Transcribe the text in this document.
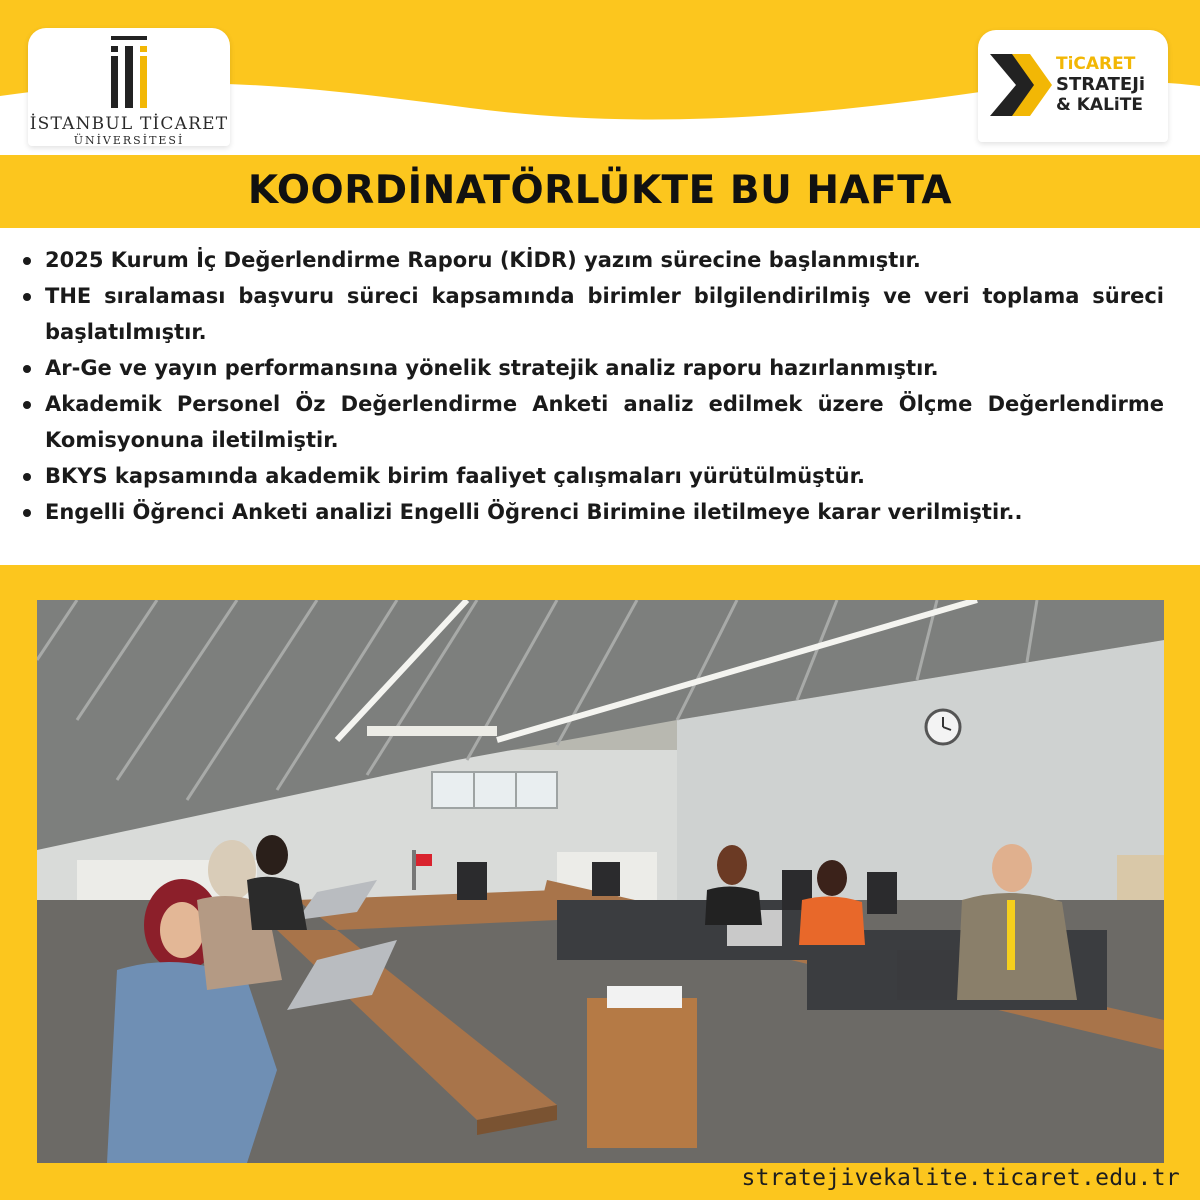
İSTANBUL TİCARET
ÜNİVERSİTESİ
TiCARET
STRATEJi
& KALiTE
KOORDİNATÖRLÜKTE BU HAFTA
2025 Kurum İç Değerlendirme Raporu (KİDR) yazım sürecine başlanmıştır.
THE sıralaması başvuru süreci kapsamında birimler bilgilendirilmiş ve veri toplama süreci başlatılmıştır.
Ar-Ge ve yayın performansına yönelik stratejik analiz raporu hazırlanmıştır.
Akademik Personel Öz Değerlendirme Anketi analiz edilmek üzere Ölçme Değerlendirme Komisyonuna iletilmiştir.
BKYS kapsamında akademik birim faaliyet çalışmaları yürütülmüştür.
Engelli Öğrenci Anketi analizi Engelli Öğrenci Birimine iletilmeye karar verilmiştir..
stratejivekalite.ticaret.edu.tr
